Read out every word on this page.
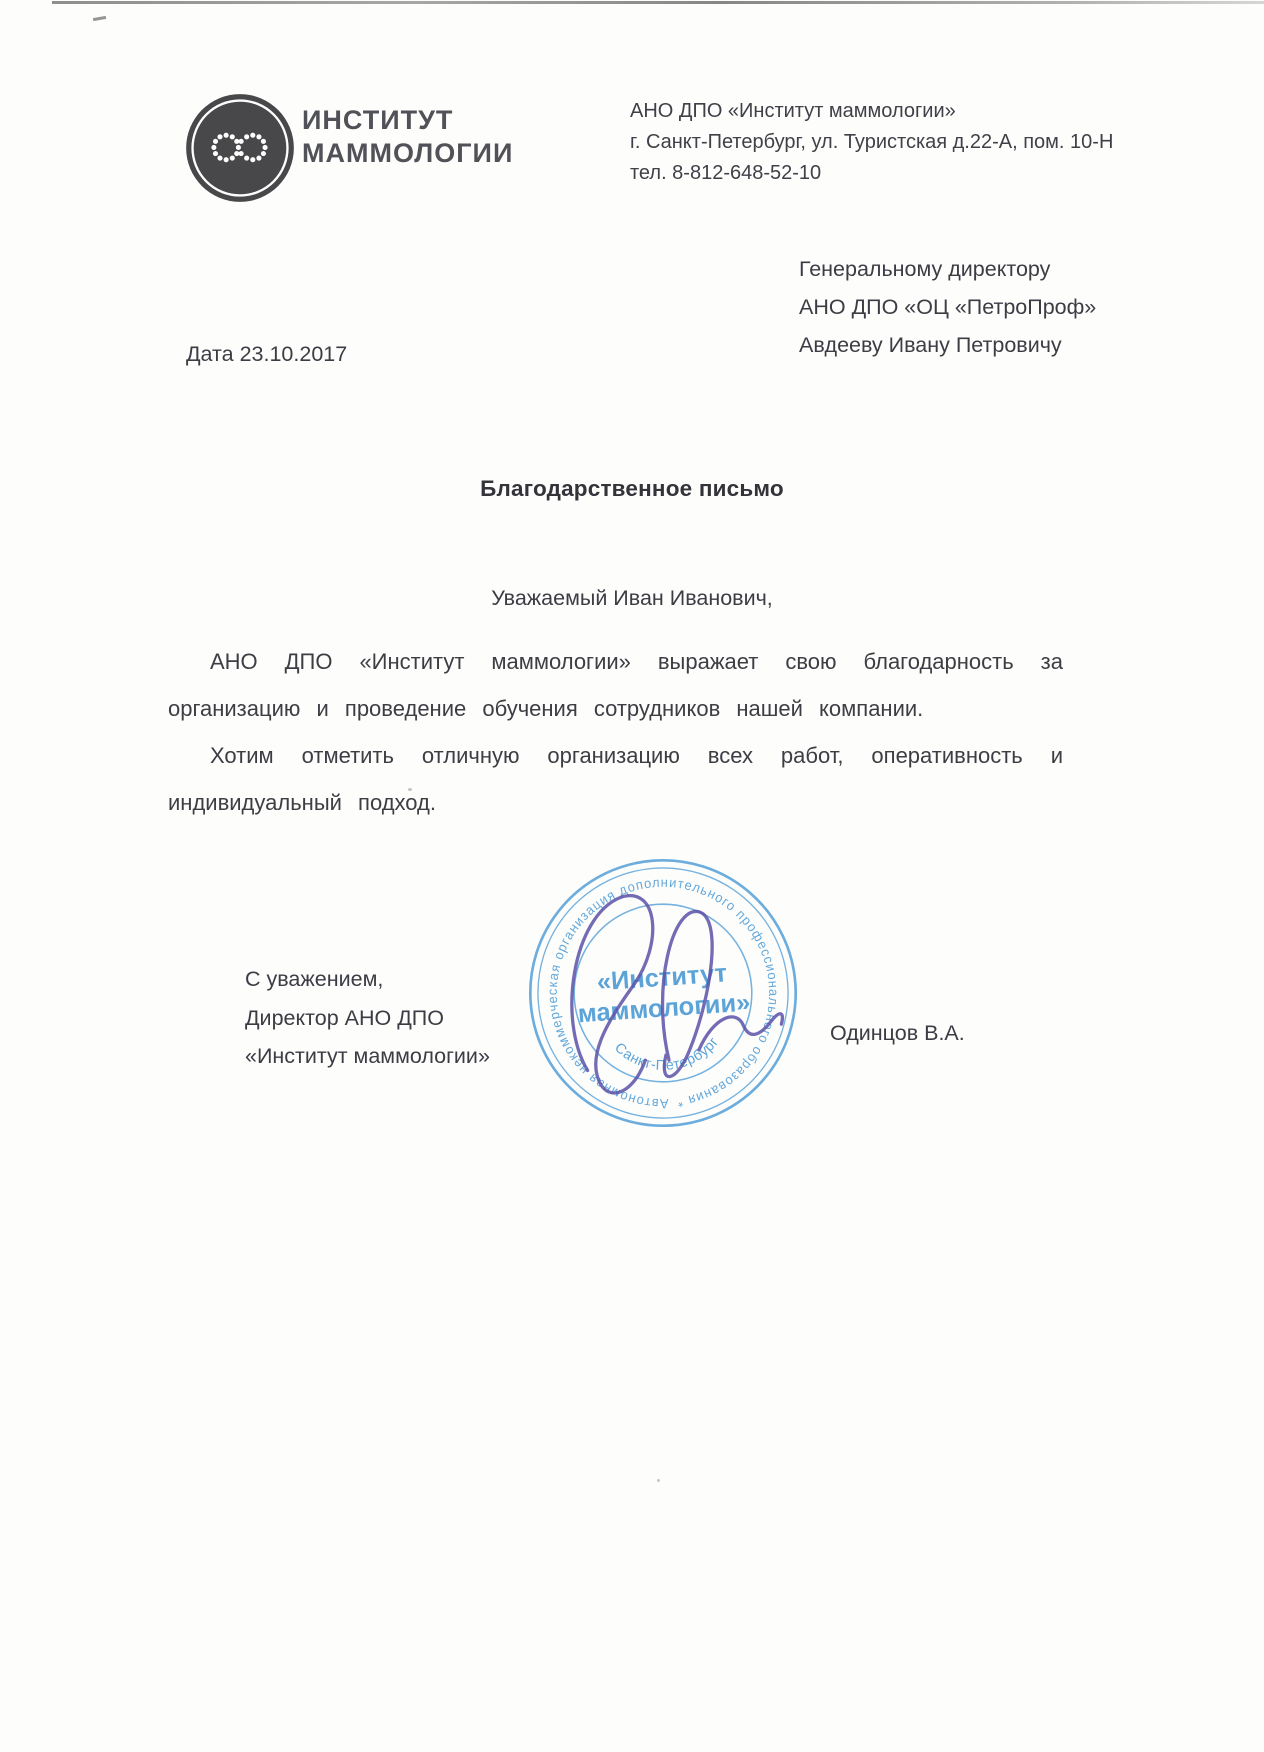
ИНСТИТУТ
МАММОЛОГИИ
АНО ДПО «Институт маммологии»
г. Санкт-Петербург, ул. Туристская д.22-А, пом. 10-Н
тел. 8-812-648-52-10
Генеральному директору
АНО ДПО «ОЦ «ПетроПроф»
Авдееву Ивану Петровичу
Дата 23.10.2017
Благодарственное письмо
Уважаемый Иван Иванович,

АНО ДПО «Институт маммологии» выражает свою благодарность за организацию и проведение обучения сотрудников нашей компании.

Хотим отметить отличную организацию всех работ, оперативность и индивидуальный подход.

С уважением,
Директор АНО ДПО
«Институт маммологии»
Автономная некоммерческая организация дополнительного профессионального образования *
«Институт
маммологии»
Санкт-Петербург	Одинцов В.А.
